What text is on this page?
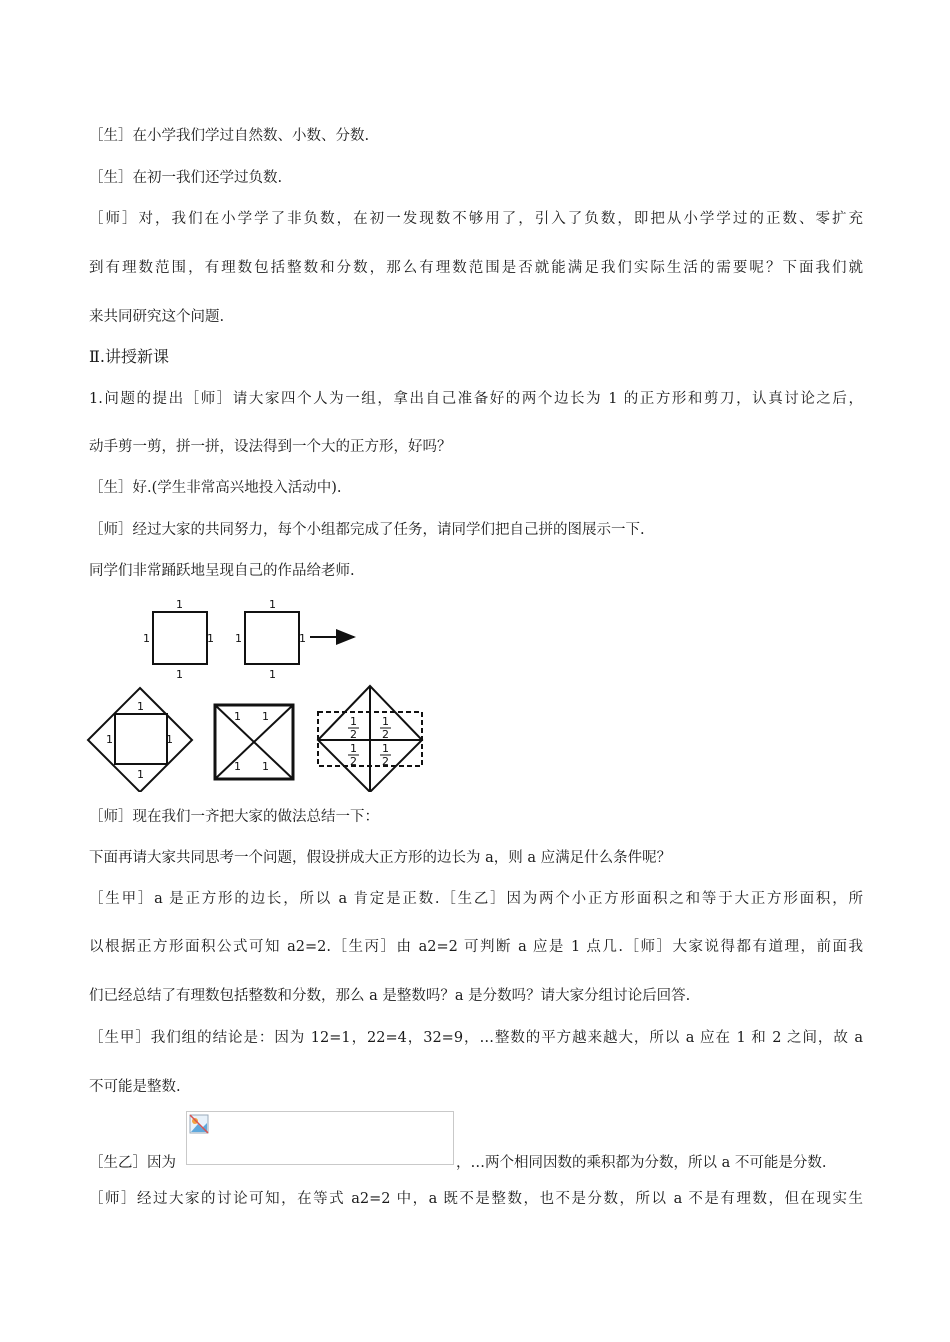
［生］在小学我们学过自然数、小数、分数.
［生］在初一我们还学过负数.
［师］对，我们在小学学了非负数，在初一发现数不够用了，引入了负数，即把从小学学过的正数、零扩充
到有理数范围，有理数包括整数和分数，那么有理数范围是否就能满足我们实际生活的需要呢？下面我们就
来共同研究这个问题.
Ⅱ.讲授新课
1.问题的提出［师］请大家四个人为一组，拿出自己准备好的两个边长为 1 的正方形和剪刀，认真讨论之后，
动手剪一剪，拼一拼，设法得到一个大的正方形，好吗？
［生］好.(学生非常高兴地投入活动中).
［师］经过大家的共同努力，每个小组都完成了任务，请同学们把自己拼的图展示一下.
同学们非常踊跃地呈现自己的作品给老师.
1
1	1
1
1
1	1
1
1
1	1
1
1 1
1 1
1
2
1
2
1
2
1
2
［师］现在我们一齐把大家的做法总结一下：
下面再请大家共同思考一个问题，假设拼成大正方形的边长为 a，则 a 应满足什么条件呢？
［生甲］a 是正方形的边长，所以 a 肯定是正数.［生乙］因为两个小正方形面积之和等于大正方形面积，所
以根据正方形面积公式可知 a2=2.［生丙］由 a2=2 可判断 a 应是 1 点几.［师］大家说得都有道理，前面我
们已经总结了有理数包括整数和分数，那么 a 是整数吗？a 是分数吗？请大家分组讨论后回答.
［生甲］我们组的结论是：因为 12=1，22=4，32=9，…整数的平方越来越大，所以 a 应在 1 和 2 之间，故 a
不可能是整数.
［生乙］因为	，…两个相同因数的乘积都为分数，所以 a 不可能是分数.
［师］经过大家的讨论可知，在等式 a2=2 中，a 既不是整数，也不是分数，所以 a 不是有理数，但在现实生
